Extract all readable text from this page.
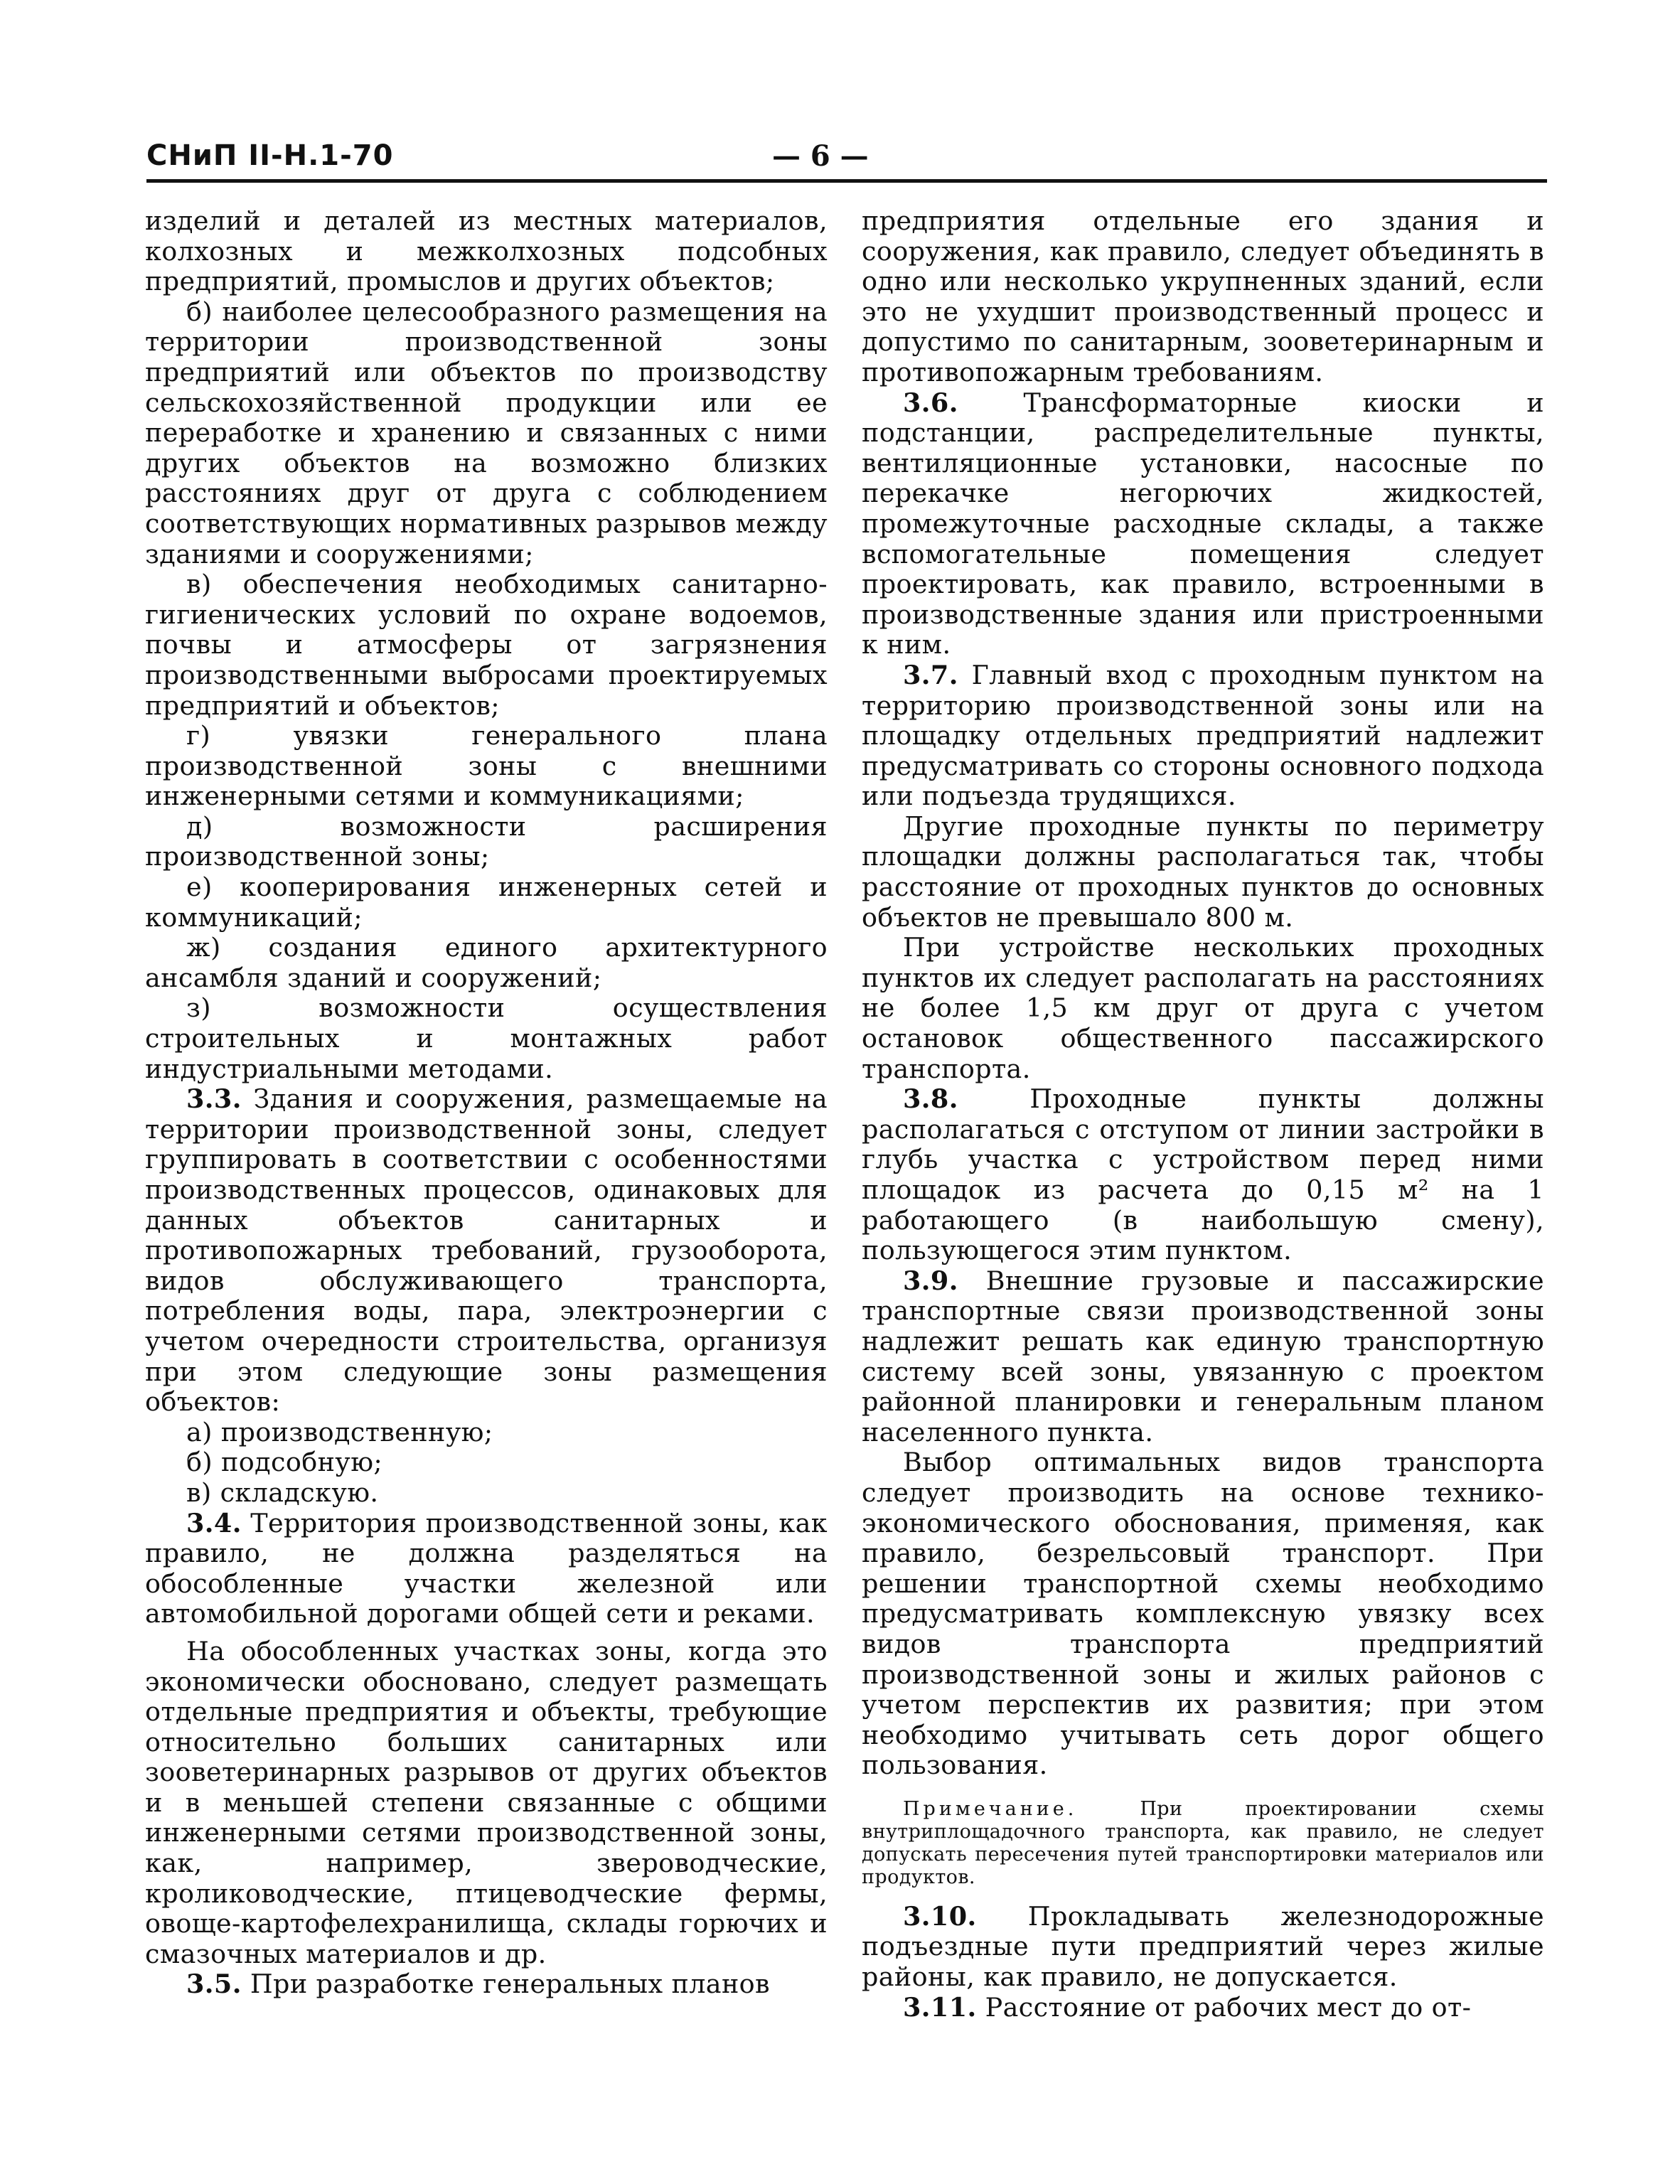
СНиП II-Н.1-70	— 6 —

изделий и деталей из местных материалов, колхозных и межколхозных подсобных предприятий, промыслов и других объектов;

б) наиболее целесообразного размещения на территории производственной зоны предприятий или объектов по производству сельскохозяйственной продукции или ее переработке и хранению и связанных с ними других объектов на возможно близких расстояниях друг от друга с соблюдением соответствующих нормативных разрывов между зданиями и сооружениями;

в) обеспечения необходимых санитарно-гигиенических условий по охране водоемов, почвы и атмосферы от загрязнения производственными выбросами проектируемых предприятий и объектов;

г) увязки генерального плана производственной зоны с внешними инженерными сетями и коммуникациями;

д) возможности расширения производственной зоны;

е) кооперирования инженерных сетей и коммуникаций;

ж) создания единого архитектурного ансамбля зданий и сооружений;

з) возможности осуществления строительных и монтажных работ индустриальными методами.

3.3. Здания и сооружения, размещаемые на территории производственной зоны, следует группировать в соответствии с особенностями производственных процессов, одинаковых для данных объектов санитарных и противопожарных требований, грузооборота, видов обслуживающего транспорта, потребления воды, пара, электроэнергии с учетом очередности строительства, организуя при этом следующие зоны размещения объектов:

а) производственную;

б) подсобную;

в) складскую.

3.4. Территория производственной зоны, как правило, не должна разделяться на обособленные участки железной или автомобильной дорогами общей сети и реками.

На обособленных участках зоны, когда это экономически обосновано, следует размещать отдельные предприятия и объекты, требующие относительно больших санитарных или зооветеринарных разрывов от других объектов и в меньшей степени связанные с общими инженерными сетями производственной зоны, как, например, звероводческие, кролиководческие, птицеводческие фермы, овоще-картофелехранилища, склады горючих и смазочных материалов и др.

3.5. При разработке генеральных планов

предприятия отдельные его здания и сооружения, как правило, следует объединять в одно или несколько укрупненных зданий, если это не ухудшит производственный процесс и допустимо по санитарным, зооветеринарным и противопожарным требованиям.

3.6.	Трансформаторные киоски и подстанции, распределительные пункты, вентиляционные установки, насосные по перекачке негорючих жидкостей, промежуточные расходные склады, а также вспомогательные помещения следует проектировать, как правило, встроенными в производственные здания или пристроенными к ним.

3.7. Главный вход с проходным пунктом на территорию производственной зоны или на площадку отдельных предприятий надлежит предусматривать со стороны основного подхода или подъезда трудящихся.

Другие проходные пункты по периметру площадки должны располагаться так, чтобы расстояние от проходных пунктов до основных объектов не превышало 800 м.

При устройстве нескольких проходных пунктов их следует располагать на расстояниях не более 1,5 км друг от друга с учетом остановок общественного пассажирского транспорта.

3.8.	Проходные пункты должны располагаться с отступом от линии застройки в глубь участка с устройством перед ними площадок из расчета до 0,15 м² на 1 работающего (в наибольшую смену), пользующегося этим пунктом.

3.9. Внешние грузовые и пассажирские транспортные связи производственной зоны надлежит решать как единую транспортную систему всей зоны, увязанную с проектом районной планировки и генеральным планом населенного пункта.

Выбор оптимальных видов транспорта следует производить на основе технико-экономического обоснования, применяя, как правило, безрельсовый транспорт. При решении транспортной схемы необходимо предусматривать комплексную увязку всех видов транспорта предприятий производственной зоны и жилых районов с учетом перспектив их развития; при этом необходимо учитывать сеть дорог общего пользования.

Примечание.	При проектировании схемы внутриплощадочного транспорта, как правило, не следует допускать пересечения путей транспортировки материалов или продуктов.

3.10. Прокладывать железнодорожные подъездные пути предприятий через жилые районы, как правило, не допускается.

3.11. Расстояние от рабочих мест до от-
